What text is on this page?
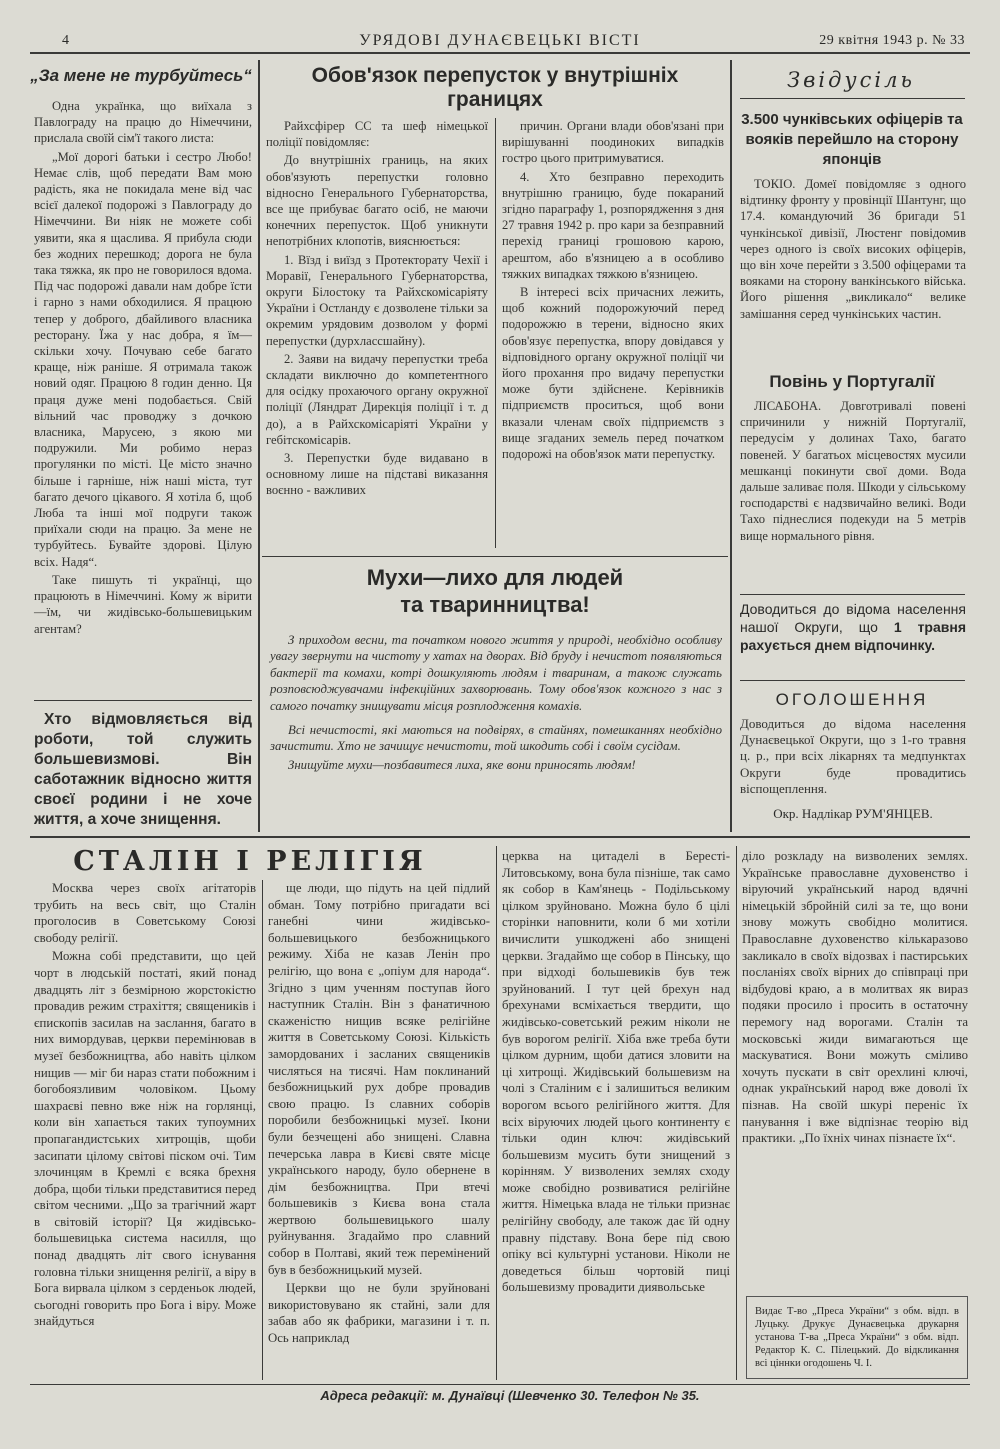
4	УРЯДОВІ ДУНАЄВЕЦЬКІ ВІСТІ	29 квітня 1943 р. № 33
„За мене не турбуйтесь“

Одна українка, що виїхала з Павлограду на працю до Німеччини, прислала своїй сім'ї такого листа:

„Мої дорогі батьки і сестро Любо! Немає слів, щоб передати Вам мою радість, яка не покидала мене від час всієї далекої подорожі з Павлограду до Німеччини. Ви ніяк не можете собі уявити, яка я щаслива. Я прибула сюди без жодних перешкод; дорога не була така тяжка, як про не говорилося вдома. Під час подорожі давали нам добре їсти і гарно з нами обходилися. Я працюю тепер у доброго, дбайливого власника ресторану. Їжа у нас добра, я їм—скільки хочу. Почуваю себе багато краще, ніж раніше. Я отримала також новий одяг. Працюю 8 годин денно. Ця праця дуже мені подобається. Свій вільний час проводжу з дочкою власника, Марусею, з якою ми подружили. Ми робимо нераз прогулянки по місті. Це місто значно більше і гарніше, ніж наші міста, тут багато дечого цікавого. Я хотіла б, щоб Люба та інші мої подруги також приїхали сюди на працю. За мене не турбуйтесь. Бувайте здорові. Цілую всіх. Надя“.

Таке пишуть ті українці, що працюють в Німеччині. Кому ж вірити—їм, чи жидівсько-большевицьким агентам?

Хто відмовляється від роботи, той служить большевизмові. Він саботажник відносно життя своєї родини і не хоче життя, а хоче знищення.
Обов'язок перепусток у внутрішніх границях

Райхсфірер СС та шеф німецької поліції повідомляє:

До внутрішніх границь, на яких обов'язують перепустки головно відносно Генерального Губернаторства, все ще прибуває багато осіб, не маючи конечних перепусток. Щоб уникнути непотрібних клопотів, вияснюється:

1. Вїзд і виїзд з Протекторату Чехії і Моравії, Генерального Губернаторства, округи Білостоку та Райхскомісаріяту України і Остланду є дозволене тільки за окремим урядовим дозволом у формі перепустки (дурхлассшайну).

2. Заяви на видачу перепустки треба складати виключно до компетентного для осідку прохаючого органу окружної поліції (Ляндрат Дирекція поліції і т. д до), а в Райхскомісаріяті України у гебітскомісарів.

3. Перепустки буде видавано в основному лише на підставі виказання воєнно - важливих

причин. Органи влади обов'язані при вирішуванні поодиноких випадків гостро цього притримуватися.

4. Хто безправно переходить внутрішню границю, буде покараний згідно параграфу 1, розпорядження з дня 27 травня 1942 р. про кари за безправний перехід границі грошовою карою, арештом, або в'язницею а в особливо тяжких випадках тяжкою в'язницею.

В інтересі всіх причасних лежить, щоб кожний подорожуючий перед подорожжю в терени, відносно яких обов'язує перепустка, впору довідався у відповідного органу окружної поліції чи його прохання про видачу перепустки може бути здійснене. Керівників підприємств проситься, щоб вони вказали членам своїх підприємств з вище згаданих земель перед початком подорожі на обов'язок мати перепустку.

Мухи—лихо для людей
та тваринництва!

З приходом весни, та початком нового життя у природі, необхідно особливу увагу звернути на чистоту у хатах на дворах. Від бруду і нечистот появляються бактерії та комахи, котрі дошкуляють людям і тваринам, а також служать розповсюджувачами інфекційних захворювань. Тому обов'язок кожного з нас з самого початку знищувати місця розплодження комахів.

Всі нечистості, які маються на подвірях, в стайнях, помешканнях необхідно зачистити. Хто не зачищує нечистоти, той шкодить собі і своїм сусідам.

Знищуйте мухи—позбавитеся лиха, яке вони приносять людям!

Звідусіль
3.500 чунківських офіцерів та вояків перейшло на сторону японців
ТОКІО. Домеї повідомляє з одного відтинку фронту у провінції Шантунг, що 17.4. командуючий 36 бригади 51 чункінської дивізії, Люстенг повідомив через одного із своїх високих офіцерів, що він хоче перейти з 3.500 офіцерами та вояками на сторону ванкінського війська. Його рішення „викликало“ велике замішання серед чункінських частин.
Повінь у Португалії
ЛІСАБОНА. Довготривалі повені спричинили у нижній Португалії, передусім у долинах Тахо, багато повеней. У багатьох місцевостях мусили мешканці покинути свої доми. Вода дальше заливає поля. Шкоди у сільському господарстві є надзвичайно великі. Води Тахо піднеслися подекуди на 5 метрів вище нормального рівня.
Доводиться до відома населення нашої Округи, що 1 травня рахується днем відпочинку.
ОГОЛОШЕННЯ
Доводиться до відома населення Дунаєвецької Округи, що з 1-го травня ц. р., при всіх лікарнях та медпунктах Округи буде провадитись віспощеплення.
Окр. Надлікар РУМ'ЯНЦЕВ.
СТАЛІН І РЕЛІГІЯ

Москва через своїх агітаторів трубить на весь світ, що Сталін проголосив в Советському Союзі свободу релігії.

Можна собі представити, що цей чорт в людській постаті, який понад двадцять літ з безмірною жорстокістю провадив режим страхіття; священиків і єпископів засилав на заслання, багато в них вимордував, церкви перемінював в музеї безбожництва, або навіть цілком нищив — міг би нараз стати побожним і богобоязливим чоловіком. Цьому шахраєві певно вже ніж на горлянці, коли він хапається таких тупоумних пропагандистських хитрощів, щоби засипати цілому світові піском очі. Тим злочинцям в Кремлі є всяка брехня добра, щоби тільки представитися перед світом чесними. „Що за трагічний жарт в світовій історії? Ця жидівсько-большевицька система насилля, що понад двадцять літ свого існування головна тільки знищення релігії, а віру в Бога вирвала цілком з серденьок людей, сьогодні говорить про Бога і віру. Може знайдуться

ще люди, що підуть на цей підлий обман. Тому потрібно пригадати всі ганебні чини жидівсько-большевицького безбожницького режиму. Хіба не казав Ленін про релігію, що вона є „опіум для народа“. Згідно з цим ученням поступав його наступник Сталін. Він з фанатичною скаженістю нищив всяке релігійне життя в Советському Союзі. Кількість замордованих і засланих священиків числяться на тисячі. Нам поклинаний безбожницький рух добре провадив свою працю. Із славних соборів поробили безбожницькі музеї. Ікони були безчещені або знищені. Славна печерська лавра в Києві святе місце українського народу, було обернене в дім безбожництва. При втечі большевиків з Києва вона стала жертвою большевицького шалу руйнування. Згадаймо про славний собор в Полтаві, який теж перемінений був в безбожницький музей.

Церкви що не були зруйновані використовувано як стайні, зали для забав або як фабрики, магазини і т. п. Ось наприклад

церква на цитаделі в Бересті-Литовському, вона була пізніше, так само як собор в Кам'янець - Подільському цілком зруйновано. Можна було б цілі сторінки наповнити, коли б ми хотіли вичислити ушкоджені або знищені церкви. Згадаймо ще собор в Пінську, що при відході большевиків був теж зруйнований. І тут цей брехун над брехунами всміхається твердити, що жидівсько-советський режим ніколи не був ворогом релігії. Хіба вже треба бути цілком дурним, щоби датися зловити на ці хитрощі. Жидівський большевизм на чолі з Сталіним є і залишиться великим ворогом всього релігійного життя. Для всіх віруючих людей цього континенту є тільки один ключ: жидівський большевизм мусить бути знищений з корінням. У визволених землях сходу може свобідно розвиватися релігійне життя. Німецька влада не тільки признає релігійну свободу, але також дає їй одну правну підставу. Вона бере під свою опіку всі культурні установи. Ніколи не доведеться більш чортовій пиці большевизму провадити диявольське

діло розкладу на визволених землях. Українське православне духовенство і віруючий український народ вдячні німецькій збройній силі за те, що вони знову можуть свобідно молитися. Православне духовенство кількаразово закликало в своїх відозвах і пастирських посланіях своїх вірних до співпраці при відбудові краю, а в молитвах як вираз подяки просило і просить в остаточну перемогу над ворогами. Сталін та московські жиди вимагаються ще маскуватися. Вони можуть сміливо хочуть пускати в світ орехлині ключі, однак український народ вже доволі їх пізнав. На своїй шкурі переніс їх панування і вже відпізнає теорію від практики. „По їхніх чинах пізнаєте їх“.

Видає Т-во „Преса України“ з обм. відп. в Луцьку. Друкує Дунаєвецька друкарня установа Т-ва „Преса України“ з обм. відп. Редактор К. С. Пілецький. До відкликання всі ціннки огодошень Ч. І.
Адреса редакції: м. Дунаївці (Шевченко 30. Телефон № 35.
